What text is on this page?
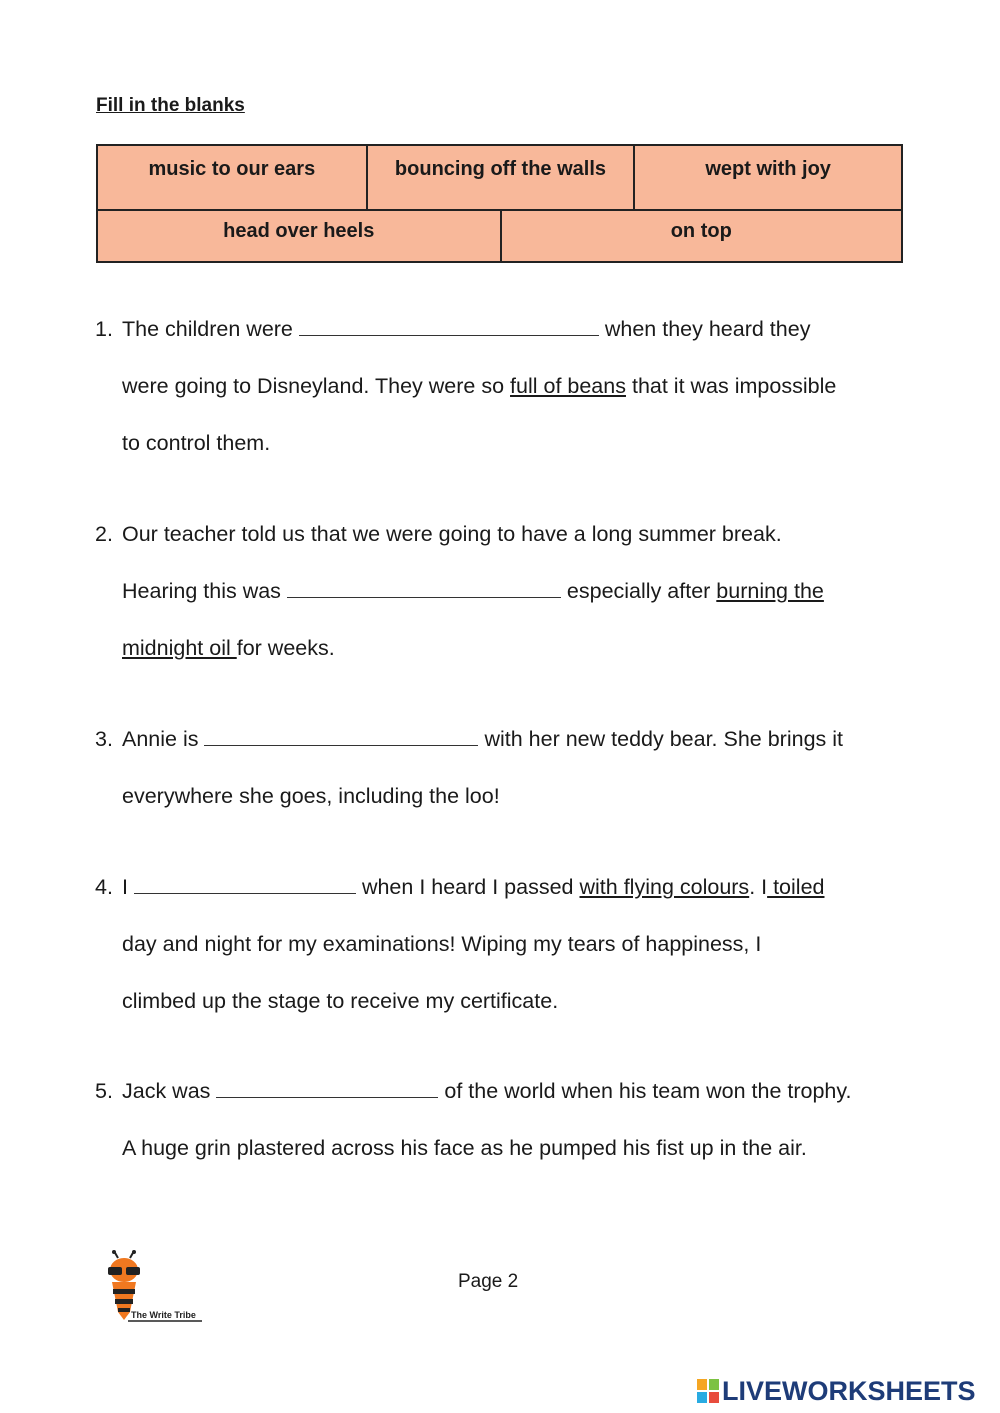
Fill in the blanks
music to our ears	bouncing off the walls	wept with joy
head over heels	on top
1. The children were	when they heard they
were going to Disneyland. They were so full of beans that it was impossible
to control them.
2. Our teacher told us that we were going to have a long summer break.
Hearing this was	especially after burning the
midnight oil for weeks.
3. Annie is	with her new teddy bear. She brings it
everywhere she goes, including the loo!
4. I	when I heard I passed with flying colours. I toiled
day and night for my examinations! Wiping my tears of happiness, I
climbed up the stage to receive my certificate.
5. Jack was	of the world when his team won the trophy.
A huge grin plastered across his face as he pumped his fist up in the air.
The Write Tribe
Page 2
LIVEWORKSHEETS
